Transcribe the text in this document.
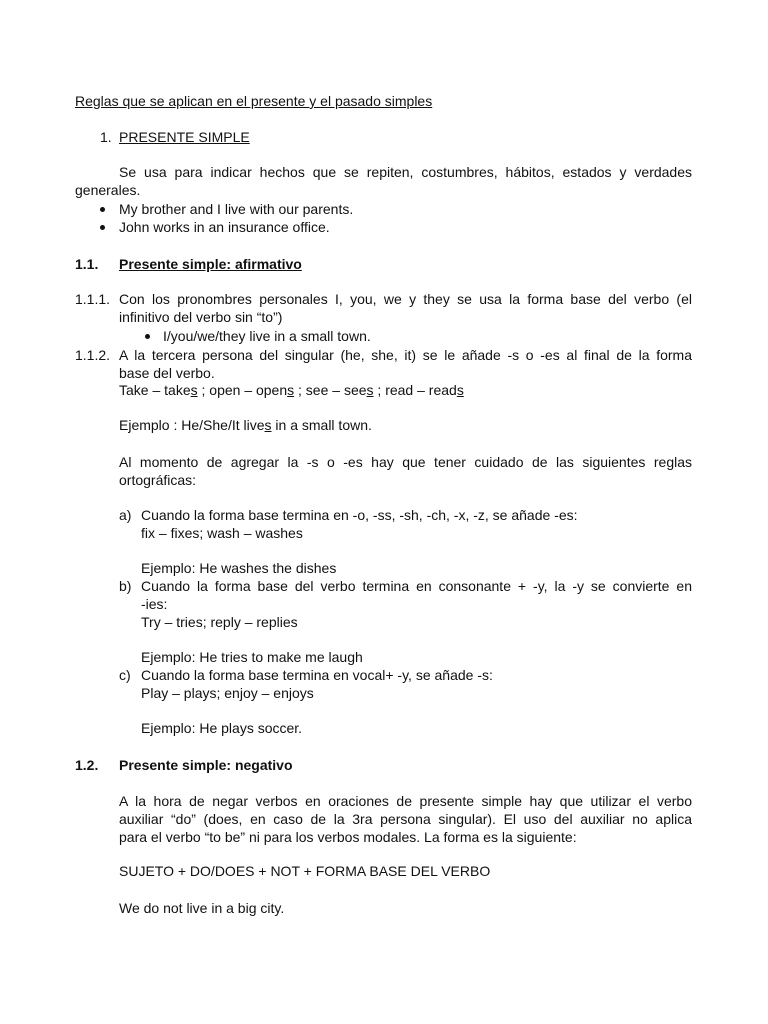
Reglas que se aplican en el presente y el pasado simples
1. PRESENTE SIMPLE
Se usa para indicar hechos que se repiten, costumbres, hábitos, estados y verdades
generales.
My brother and I live with our parents.
John works in an insurance office.
1.1. Presente simple: afirmativo
1.1.1. Con los pronombres personales I, you, we y they se usa la forma base del verbo (el
infinitivo del verbo sin “to”)
I/you/we/they live in a small town.
1.1.2. A la tercera persona del singular (he, she, it) se le añade -s o -es al final de la forma
base del verbo.
Take – takes ; open – opens ; see – sees ; read – reads
Ejemplo : He/She/It lives in a small town.
Al momento de agregar la -s o -es hay que tener cuidado de las siguientes reglas
ortográficas:
a) Cuando la forma base termina en -o, -ss, -sh, -ch, -x, -z, se añade -es:
fix – fixes; wash – washes
Ejemplo: He washes the dishes
b) Cuando la forma base del verbo termina en consonante + -y, la -y se convierte en
-ies:
Try – tries; reply – replies
Ejemplo: He tries to make me laugh
c) Cuando la forma base termina en vocal+ -y, se añade -s:
Play – plays; enjoy – enjoys
Ejemplo: He plays soccer.
1.2. Presente simple: negativo
A la hora de negar verbos en oraciones de presente simple hay que utilizar el verbo
auxiliar “do” (does, en caso de la 3ra persona singular). El uso del auxiliar no aplica
para el verbo “to be” ni para los verbos modales. La forma es la siguiente:
SUJETO + DO/DOES + NOT + FORMA BASE DEL VERBO
We do not live in a big city.
